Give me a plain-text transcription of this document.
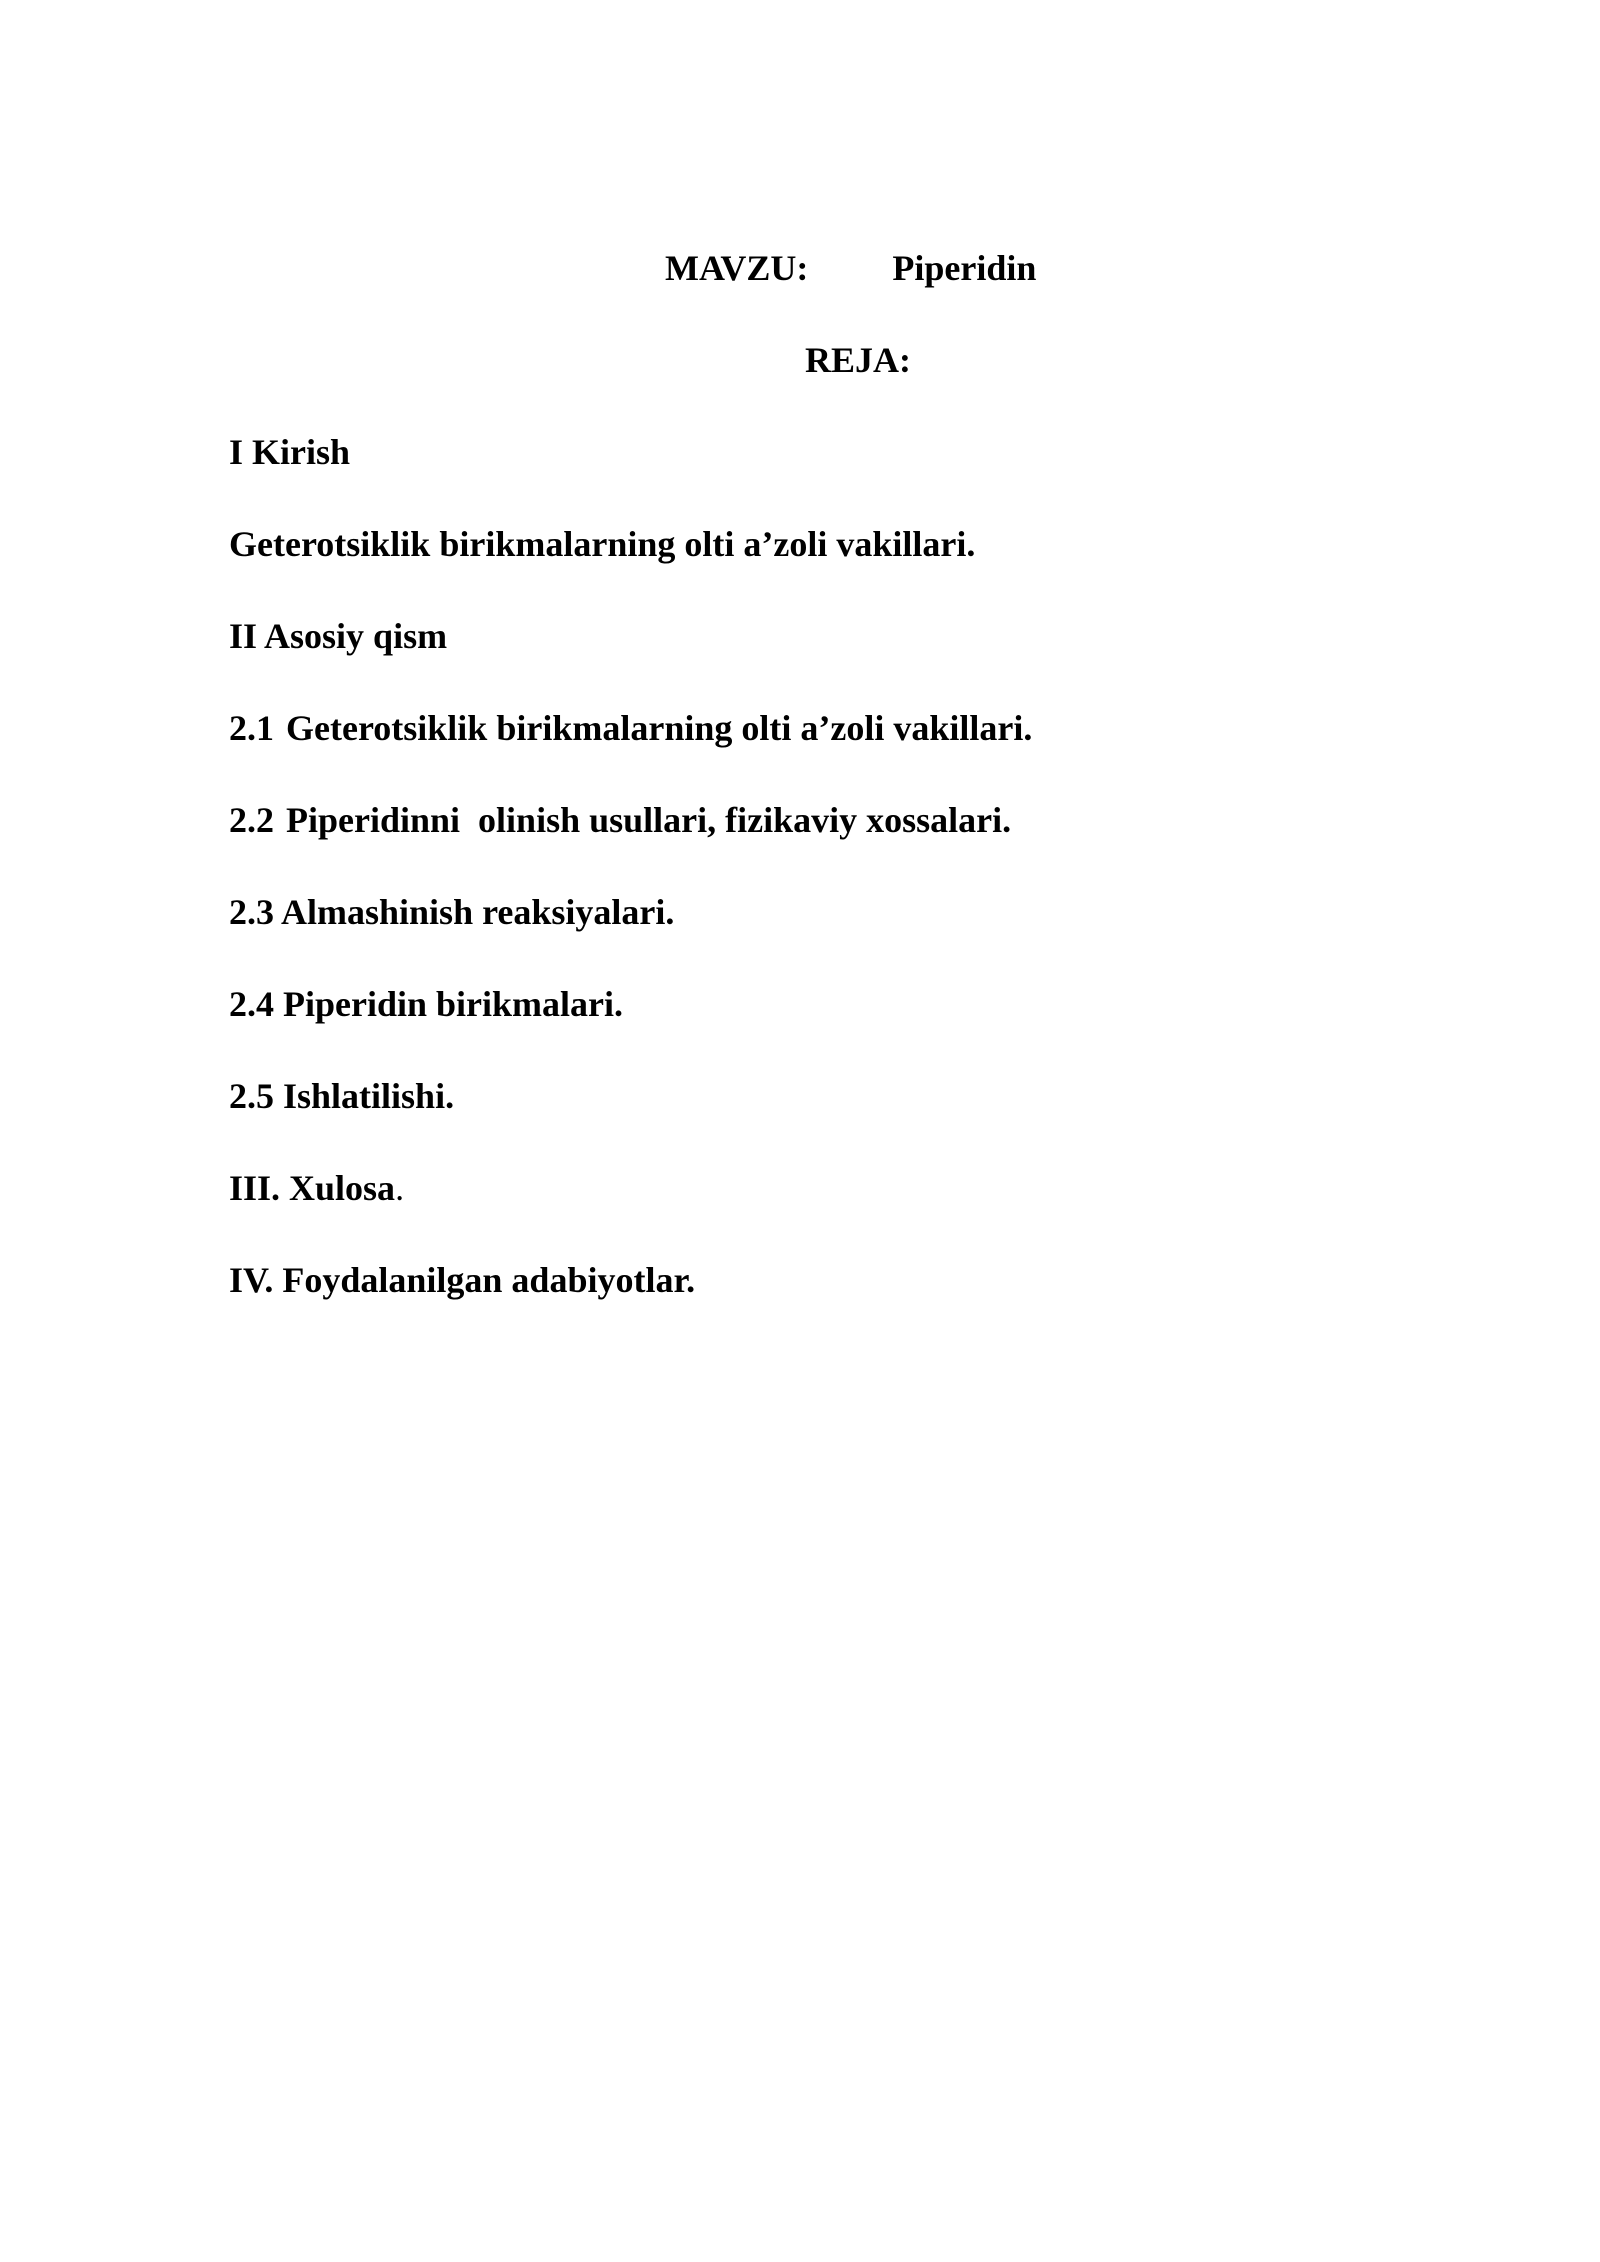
MAVZU: Piperidin
REJA:
I Kirish
Geterotsiklik birikmalarning olti a’zoli vakillari.
II Asosiy qism
2.1 Geterotsiklik birikmalarning olti a’zoli vakillari.
2.2 Piperidinni  olinish usullari, fizikaviy xossalari.
2.3 Almashinish reaksiyalari.
2.4 Piperidin birikmalari.
2.5 Ishlatilishi.
III. Xulosa.
IV. Foydalanilgan adabiyotlar.
